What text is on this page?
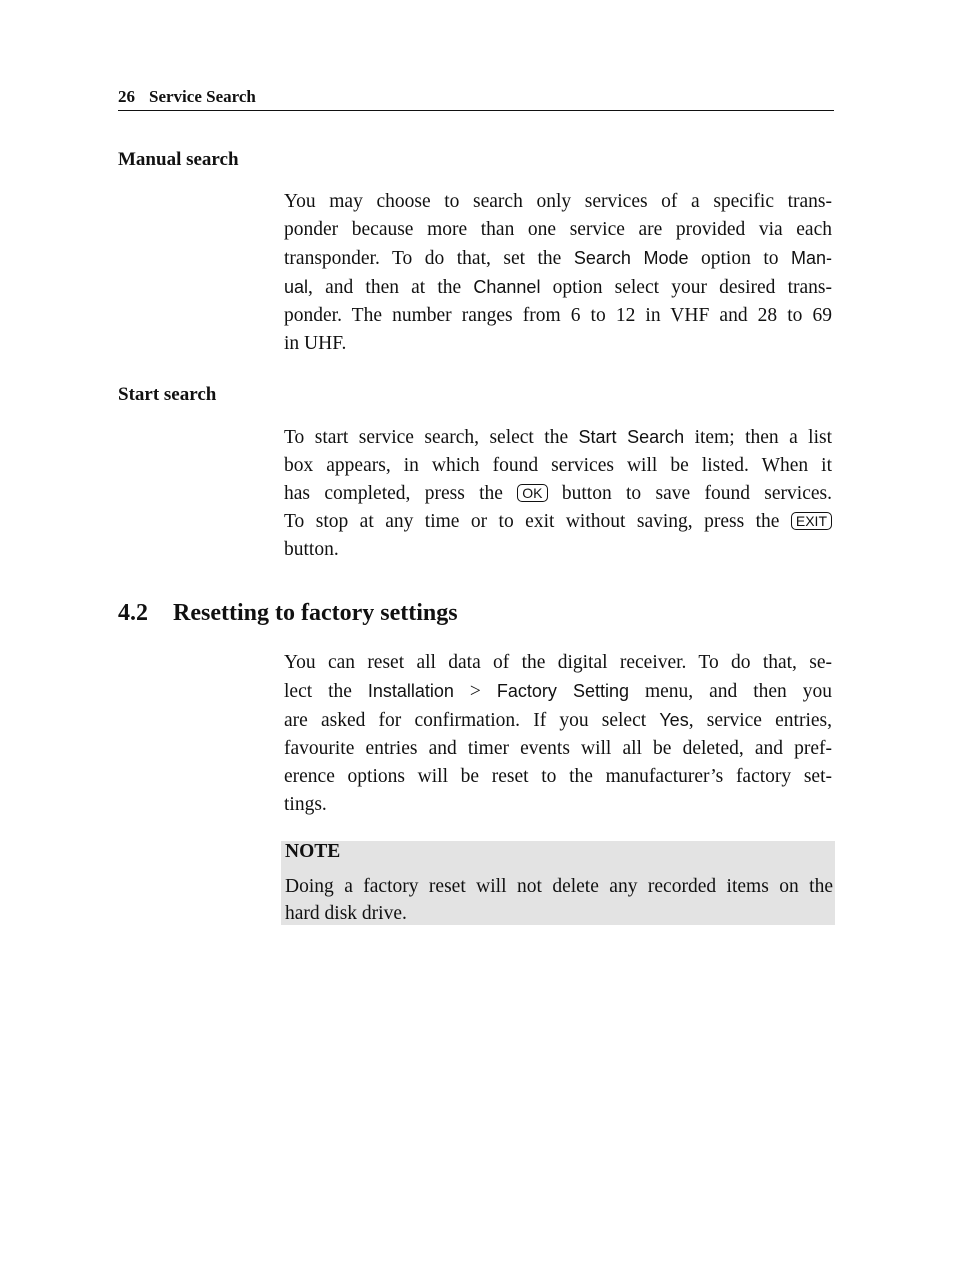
26 Service Search
Manual search
You may choose to search only services of a specific trans-
ponder because more than one service are provided via each
transponder. To do that, set the Search Mode option to Man-
ual, and then at the Channel option select your desired trans-
ponder. The number ranges from 6 to 12 in VHF and 28 to 69
in UHF.
Start search
To start service search, select the Start Search item; then a list
box appears, in which found services will be listed. When it
has completed, press the OK button to save found services.
To stop at any time or to exit without saving, press the EXIT
button.
4.2 Resetting to factory settings
You can reset all data of the digital receiver. To do that, se-
lect the Installation > Factory Setting menu, and then you
are asked for confirmation. If you select Yes, service entries,
favourite entries and timer events will all be deleted, and pref-
erence options will be reset to the manufacturer’s factory set-
tings.
NOTE
Doing a factory reset will not delete any recorded items on the
hard disk drive.
